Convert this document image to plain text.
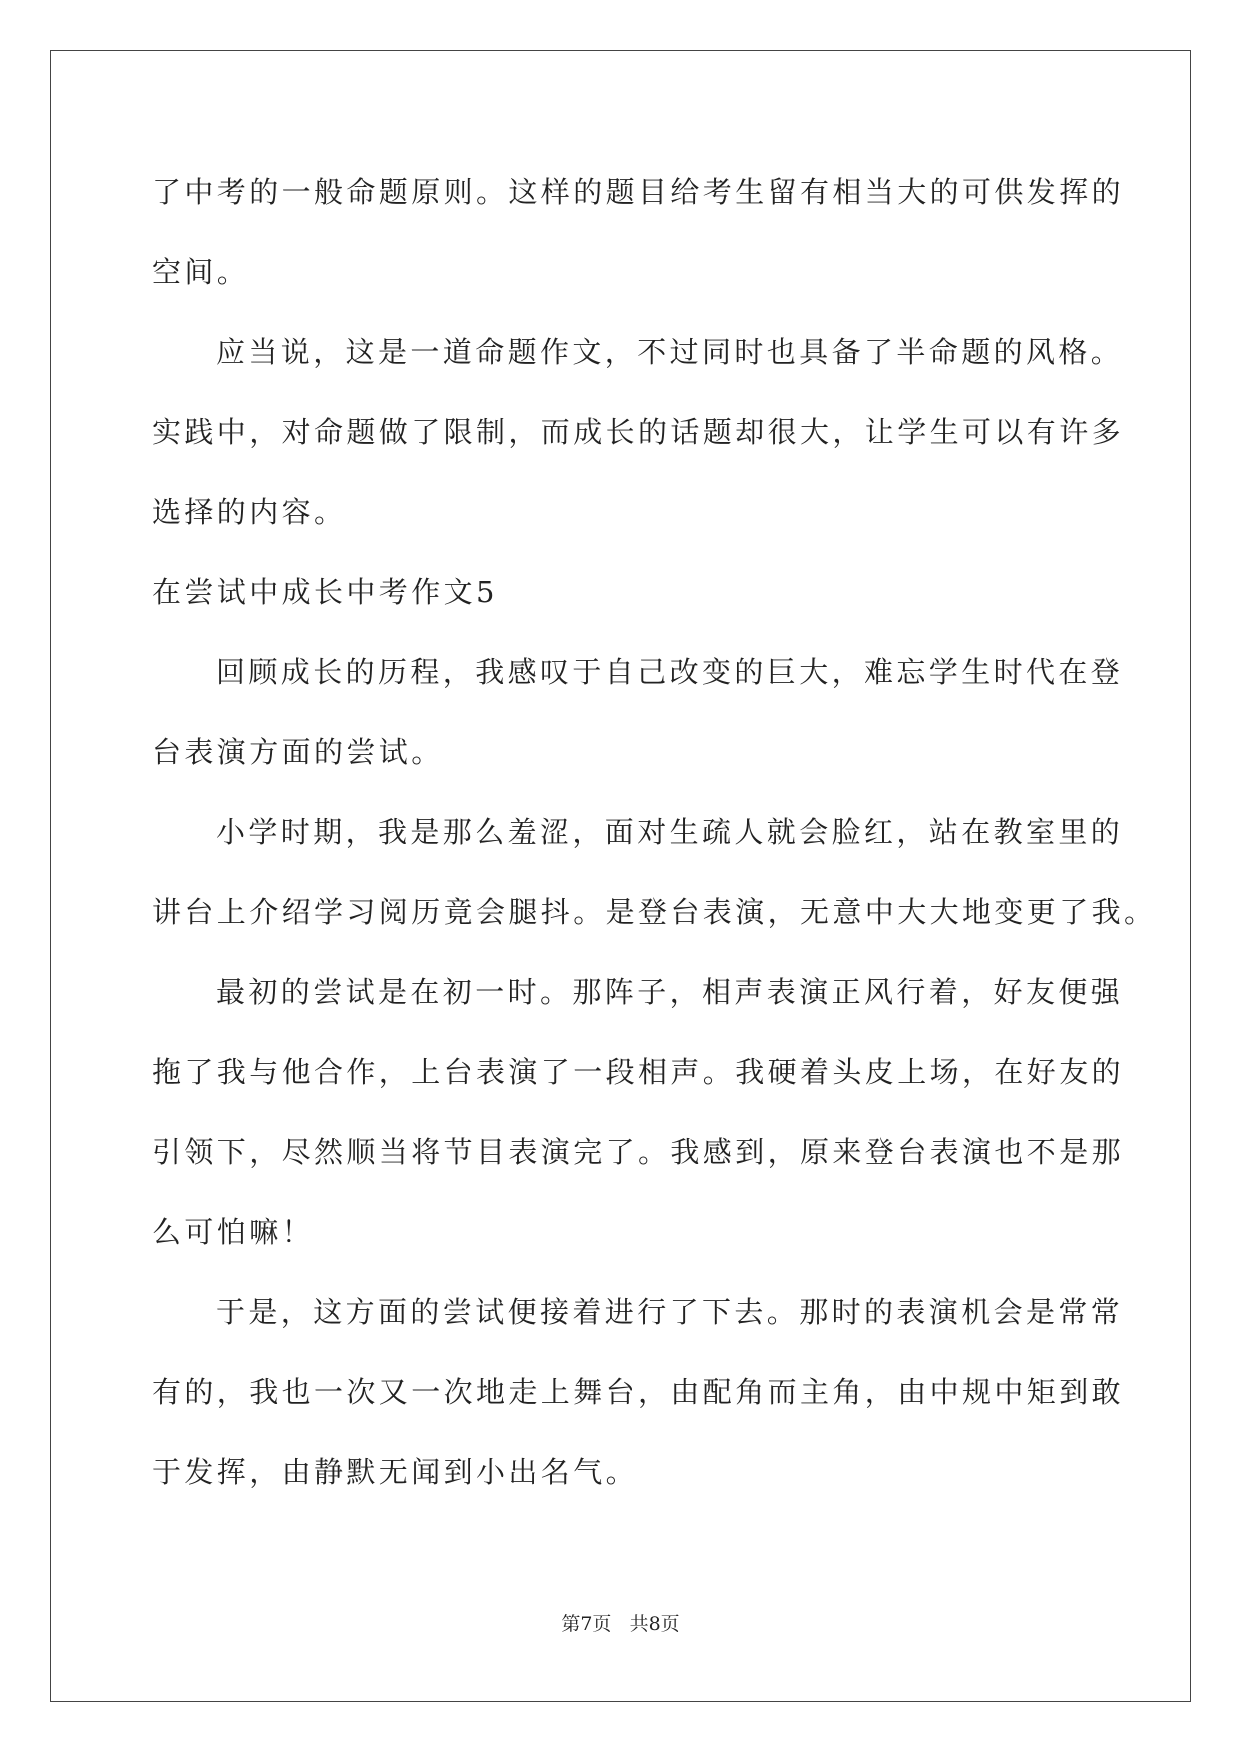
了中考的一般命题原则。这样的题目给考生留有相当大的可供发挥的
空间。
应当说，这是一道命题作文，不过同时也具备了半命题的风格。
实践中，对命题做了限制，而成长的话题却很大，让学生可以有许多
选择的内容。
在尝试中成长中考作文5
回顾成长的历程，我感叹于自己改变的巨大，难忘学生时代在登
台表演方面的尝试。
小学时期，我是那么羞涩，面对生疏人就会脸红，站在教室里的
讲台上介绍学习阅历竟会腿抖。是登台表演，无意中大大地变更了我。
最初的尝试是在初一时。那阵子，相声表演正风行着，好友便强
拖了我与他合作，上台表演了一段相声。我硬着头皮上场，在好友的
引领下，尽然顺当将节目表演完了。我感到，原来登台表演也不是那
么可怕嘛！
于是，这方面的尝试便接着进行了下去。那时的表演机会是常常
有的，我也一次又一次地走上舞台，由配角而主角，由中规中矩到敢
于发挥，由静默无闻到小出名气。
第7页 共8页
